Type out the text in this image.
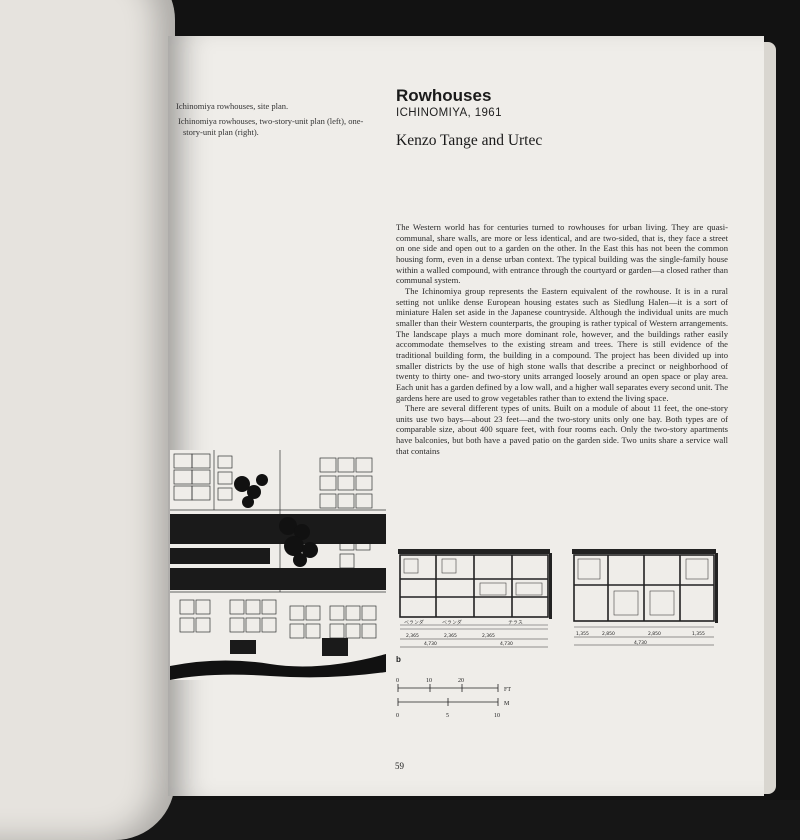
Ichinomiya rowhouses, site plan.
Ichinomiya rowhouses, two-story-unit plan (left), one-
story-unit plan (right).
Rowhouses
ICHINOMIYA, 1961
Kenzo Tange and Urtec

The Western world has for centuries turned to rowhouses for urban living. They are quasi-communal, share walls, are more or less identical, and are two-sided, that is, they face a street on one side and open out to a garden on the other. In the East this has not been the common housing form, even in a dense urban context. The typical building was the single-family house within a walled compound, with entrance through the courtyard or garden—a closed rather than communal system.

The Ichinomiya group represents the Eastern equivalent of the rowhouse. It is in a rural setting not unlike dense European housing estates such as Siedlung Halen—it is a sort of miniature Halen set aside in the Japanese countryside. Although the individual units are much smaller than their Western counterparts, the grouping is rather typical of Western arrangements. The landscape plays a much more dominant role, however, and the buildings rather easily accommodate themselves to the existing stream and trees. There is still evidence of the traditional building form, the building in a compound. The project has been divided up into smaller districts by the use of high stone walls that describe a precinct or neighborhood of twenty to thirty one- and two-story units arranged loosely around an open space or play area. Each unit has a garden defined by a low wall, and a higher wall separates every second unit. The gardens here are used to grow vegetables rather than to extend the living space.

There are several different types of units. Built on a module of about 11 feet, the one-story units use two bays—about 23 feet—and the two-story units only one bay. Both types are of comparable size, about 400 square feet, with four rooms each. Only the two-story apartments have balconies, but both have a paved patio on the garden side. Two units share a service wall that contains

ベランダ	ベランダ	テラス
2,365	2,365	2,365
4,730	4,730
1,355	2,850	2,850	1,355
4,730
b
0	10	20
FT
M
0	5	10
59
